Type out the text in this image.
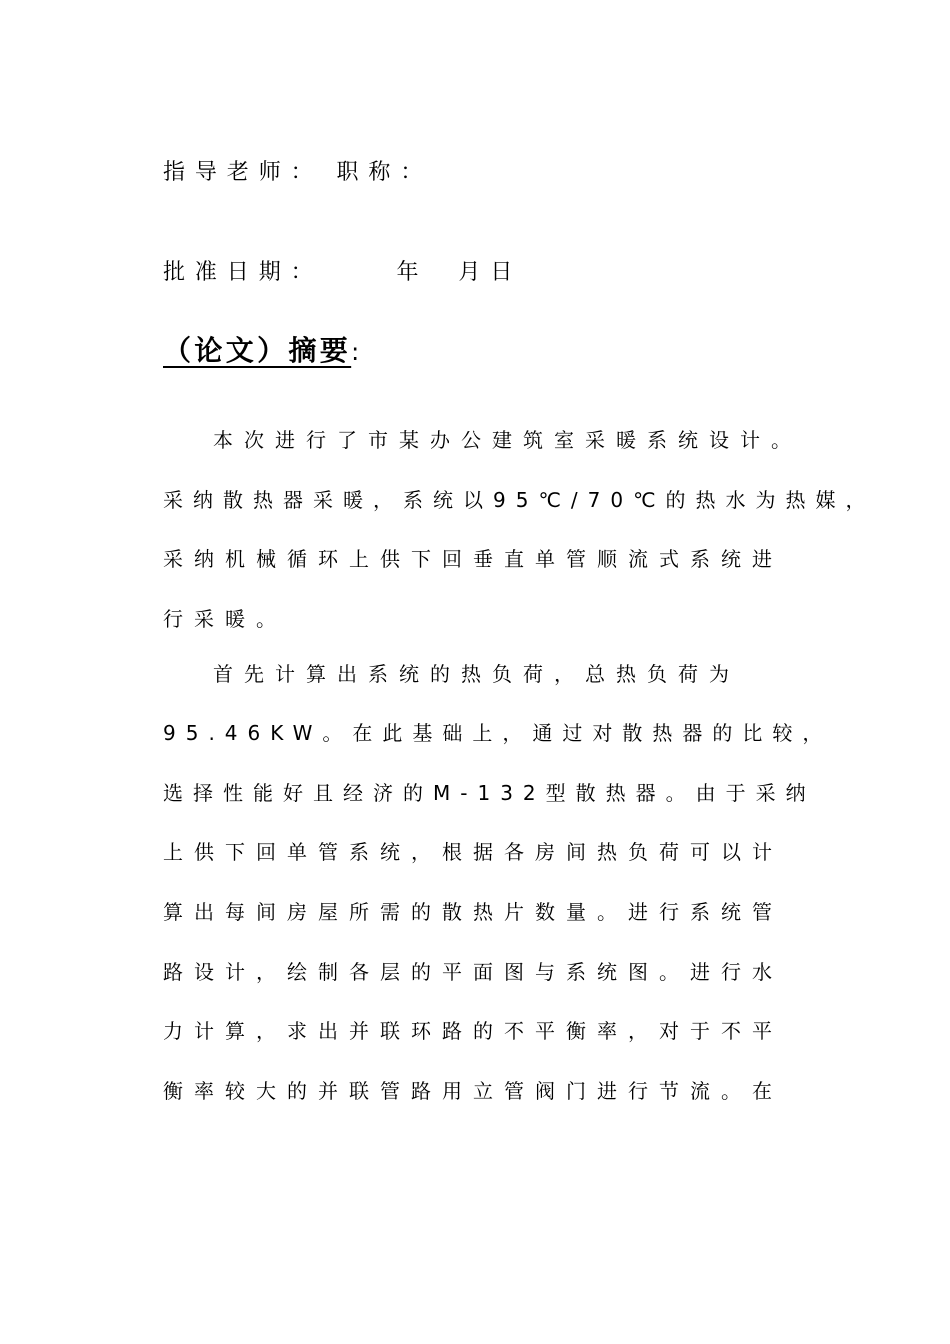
指导老师： 职称：
批准日期：	年 月日
（论文）摘要:
本次进行了市某办公建筑室采暖系统设计。
采纳散热器采暖，系统以95℃/70℃的热水为热媒，
采纳机械循环上供下回垂直单管顺流式系统进
行采暖。
首先计算出系统的热负荷，总热负荷为
95.46KW。在此基础上，通过对散热器的比较，
选择性能好且经济的M-132型散热器。由于采纳
上供下回单管系统，根据各房间热负荷可以计
算出每间房屋所需的散热片数量。进行系统管
路设计，绘制各层的平面图与系统图。进行水
力计算，求出并联环路的不平衡率，对于不平
衡率较大的并联管路用立管阀门进行节流。在
